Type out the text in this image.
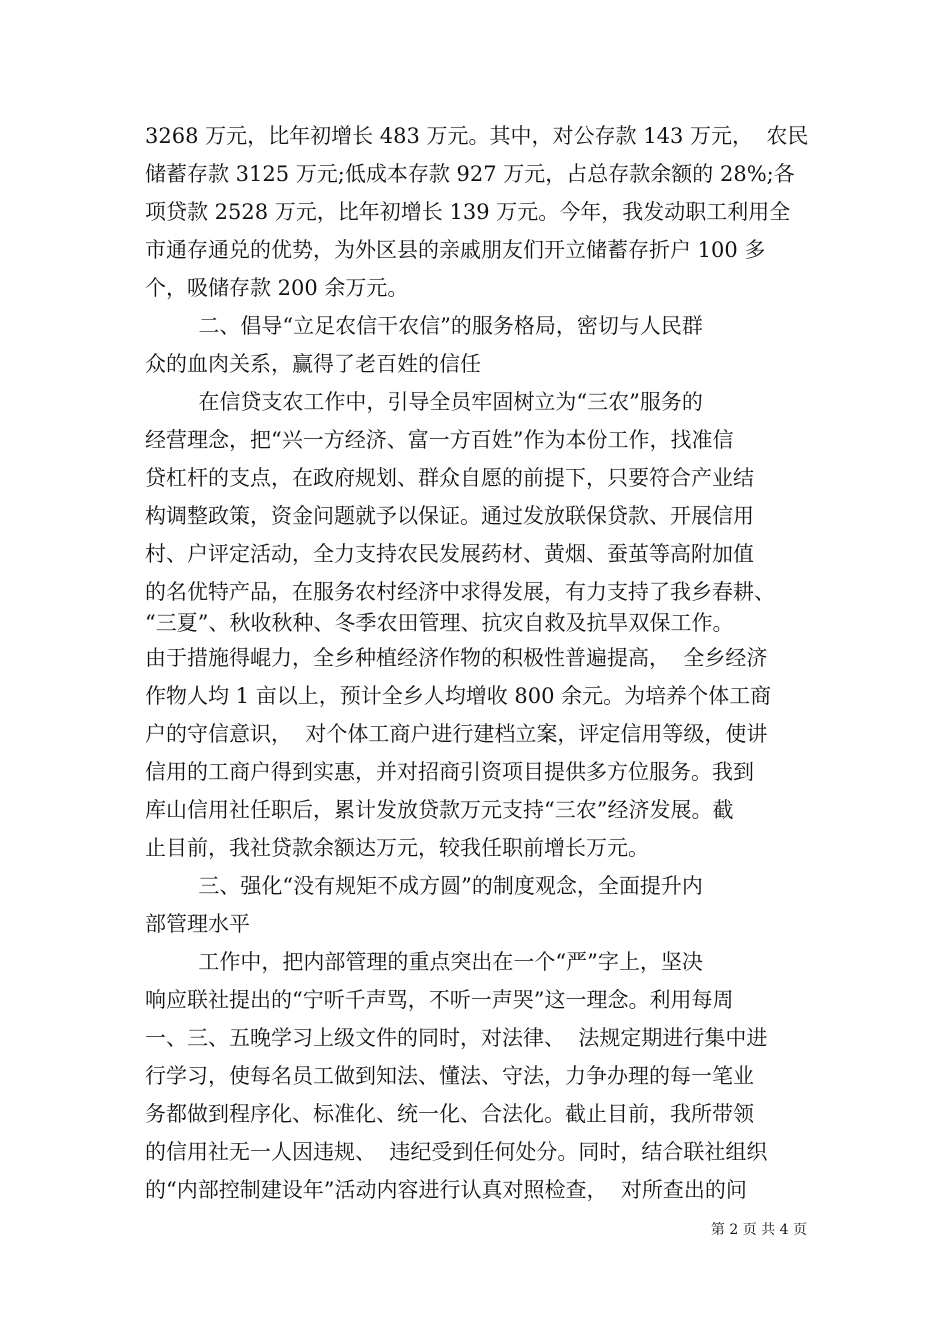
3268 万元，比年初增长 483 万元。其中，对公存款 143 万元，  农民
储蓄存款 3125 万元;低成本存款 927 万元，占总存款余额的 28%;各
项贷款 2528 万元，比年初增长 139 万元。今年，我发动职工利用全
市通存通兑的优势，为外区县的亲戚朋友们开立储蓄存折户 100 多
个，吸储存款 200 余万元。
二、倡导“立足农信干农信”的服务格局，密切与人民群
众的血肉关系，赢得了老百姓的信任
在信贷支农工作中，引导全员牢固树立为“三农”服务的
经营理念，把“兴一方经济、富一方百姓”作为本份工作，找准信
贷杠杆的支点，在政府规划、群众自愿的前提下，只要符合产业结
构调整政策，资金问题就予以保证。通过发放联保贷款、开展信用
村、户评定活动，全力支持农民发展药材、黄烟、蚕茧等高附加值
的名优特产品，在服务农村经济中求得发展，有力支持了我乡春耕、
“三夏”、秋收秋种、冬季农田管理、抗灾自救及抗旱双保工作。
由于措施得崐力，全乡种植经济作物的积极性普遍提高，  全乡经济
作物人均 1 亩以上，预计全乡人均增收 800 余元。为培养个体工商
户的守信意识，  对个体工商户进行建档立案，评定信用等级，使讲
信用的工商户得到实惠，并对招商引资项目提供多方位服务。我到
库山信用社任职后，累计发放贷款万元支持“三农”经济发展。截
止目前，我社贷款余额达万元，较我任职前增长万元。
三、强化“没有规矩不成方圆”的制度观念，全面提升内
部管理水平
工作中，把内部管理的重点突出在一个“严”字上，坚决
响应联社提出的“宁听千声骂，不听一声哭”这一理念。利用每周
一、三、五晚学习上级文件的同时，对法律、  法规定期进行集中进
行学习，使每名员工做到知法、懂法、守法，力争办理的每一笔业
务都做到程序化、标准化、统一化、合法化。截止目前，我所带领
的信用社无一人因违规、  违纪受到任何处分。同时，结合联社组织
的“内部控制建设年”活动内容进行认真对照检查，  对所查出的问
第 2 页 共 4 页
